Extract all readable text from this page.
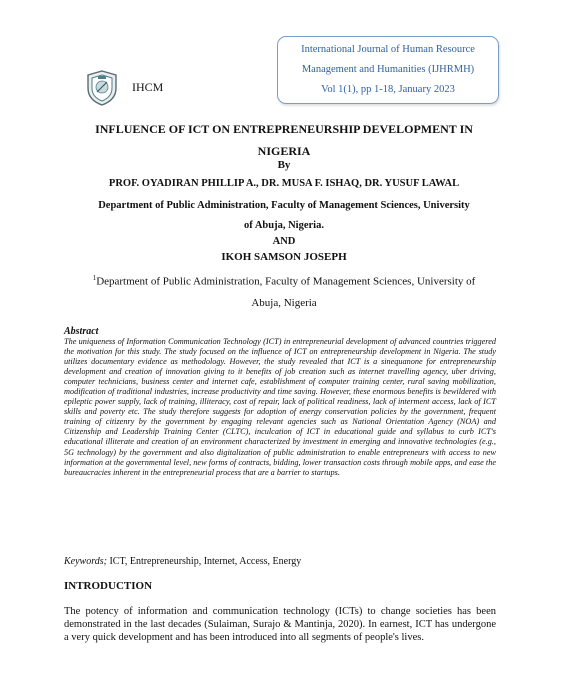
IHCM
International Journal of Human Resource
Management and Humanities (IJHRMH)
Vol 1(1), pp 1-18, January 2023
INFLUENCE OF ICT ON ENTREPRENEURSHIP DEVELOPMENT IN
NIGERIA
By
PROF. OYADIRAN PHILLIP A., DR. MUSA F. ISHAQ, DR. YUSUF LAWAL
Department of Public Administration, Faculty of Management Sciences, University
of Abuja, Nigeria.
AND
IKOH SAMSON JOSEPH
$^1$Department of Public Administration, Faculty of Management Sciences, University of
Abuja, Nigeria
Abstract
The uniqueness of Information Communication Technology (ICT) in entrepreneurial development of advanced countries triggered the motivation for this study. The study focused on the influence of ICT on entrepreneurship development in Nigeria. The study utilizes documentary evidence as methodology. However, the study revealed that ICT is a sinequanone for entrepreneurship development and creation of innovation giving to it benefits of job creation such as internet travelling agency, uber driving, computer technicians, business center and internet cafe, establishment of computer training center, rural saving mobilization, modification of traditional industries, increase productivity and time saving. However, these enormous benefits is bewildered with epileptic power supply, lack of training, illiteracy, cost of repair, lack of political readiness, lack of interment access, lack of ICT skills and poverty etc. The study therefore suggests for adoption of energy conservation policies by the government, frequent training of citizenry by the government by engaging relevant agencies such as National Orientation Agency (NOA) and Citizenship and Leadership Training Center (CLTC), inculcation of ICT in educational guide and syllabus to curb ICT's educational illiterate and creation of an environment characterized by investment in emerging and innovative technologies (e.g., 5G technology) by the government and also digitalization of public administration to enable entrepreneurs with access to new information at the governmental level, new forms of contracts, bidding, lower transaction costs through mobile apps, and ease the bureaucracies inherent in the entrepreneurial process that are a barrier to startups.
Keywords; ICT, Entrepreneurship, Internet, Access, Energy
INTRODUCTION
The potency of information and communication technology (ICTs) to change societies has been demonstrated in the last decades (Sulaiman, Surajo & Mantinja, 2020). In earnest, ICT has undergone a very quick development and has been introduced into all segments of people's lives.
